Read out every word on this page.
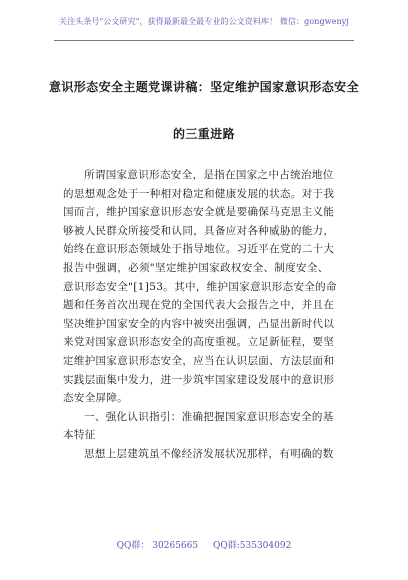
关注头条号"公文研究"，获得最新最全最专业的公文资料库！ 微信：gongwenyj
意识形态安全主题党课讲稿：坚定维护国家意识形态安全
的三重进路
所谓国家意识形态安全，是指在国家之中占统治地位
的思想观念处于一种相对稳定和健康发展的状态。对于我
国而言，维护国家意识形态安全就是要确保马克思主义能
够被人民群众所接受和认同，具备应对各种威胁的能力，
始终在意识形态领域处于指导地位。习近平在党的二十大
报告中强调，必须"坚定维护国家政权安全、制度安全、
意识形态安全"[1]53。其中，维护国家意识形态安全的命
题和任务首次出现在党的全国代表大会报告之中，并且在
坚决维护国家安全的内容中被突出强调，凸显出新时代以
来党对国家意识形态安全的高度重视。立足新征程，要坚
定维护国家意识形态安全，应当在认识层面、方法层面和
实践层面集中发力，进一步筑牢国家建设发展中的意识形
态安全屏障。
一、强化认识指引：准确把握国家意识形态安全的基
本特征
思想上层建筑虽不像经济发展状况那样，有明确的数
QQ群： 30265665 QQ群:535304092
